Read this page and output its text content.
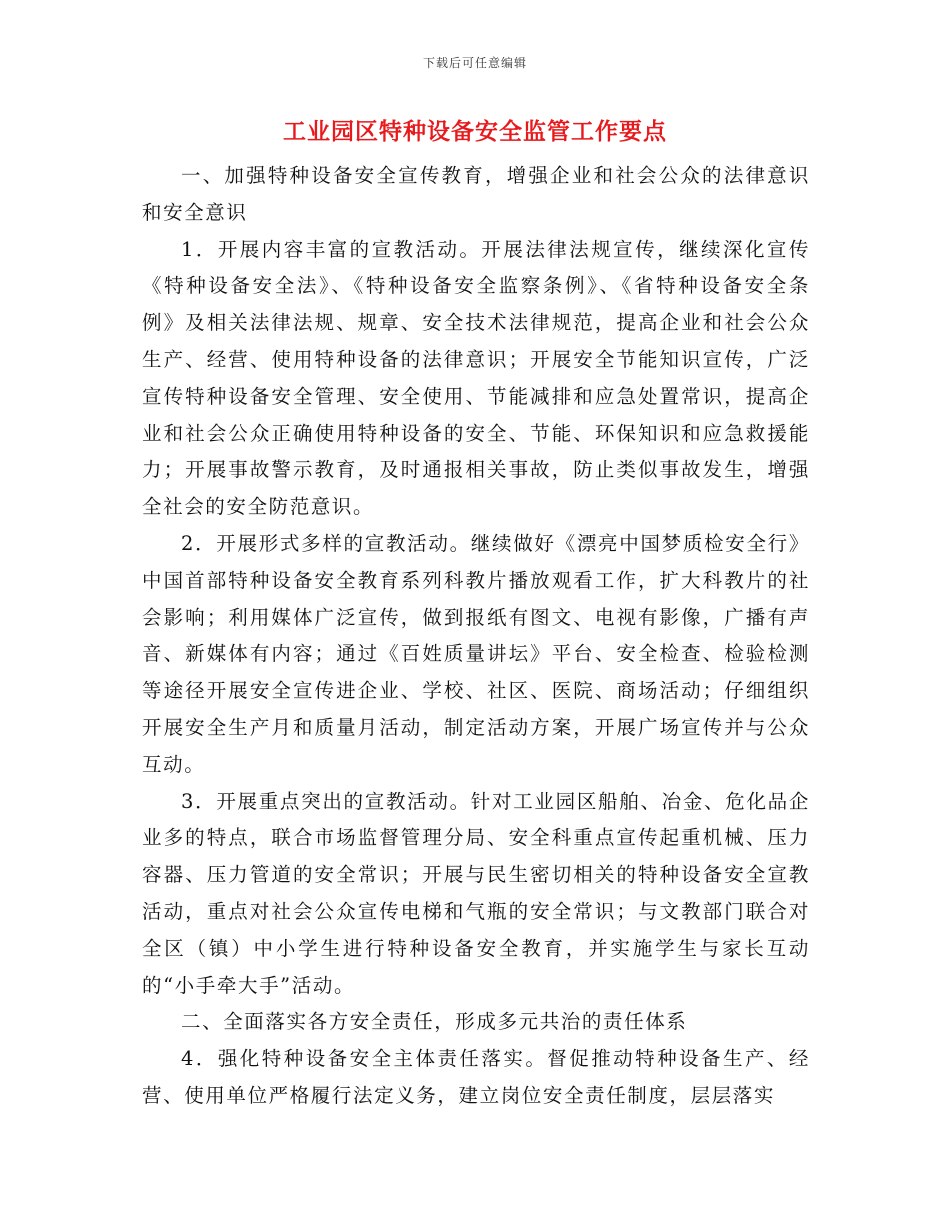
下载后可任意编辑
工业园区特种设备安全监管工作要点

一、加强特种设备安全宣传教育，增强企业和社会公众的法律意识和安全意识

1．开展内容丰富的宣教活动。开展法律法规宣传，继续深化宣传《特种设备安全法》、《特种设备安全监察条例》、《省特种设备安全条例》及相关法律法规、规章、安全技术法律规范，提高企业和社会公众生产、经营、使用特种设备的法律意识；开展安全节能知识宣传，广泛宣传特种设备安全管理、安全使用、节能减排和应急处置常识，提高企业和社会公众正确使用特种设备的安全、节能、环保知识和应急救援能力；开展事故警示教育，及时通报相关事故，防止类似事故发生，增强全社会的安全防范意识。

2．开展形式多样的宣教活动。继续做好《漂亮中国梦质检安全行》中国首部特种设备安全教育系列科教片播放观看工作，扩大科教片的社会影响；利用媒体广泛宣传，做到报纸有图文、电视有影像，广播有声音、新媒体有内容；通过《百姓质量讲坛》平台、安全检查、检验检测等途径开展安全宣传进企业、学校、社区、医院、商场活动；仔细组织开展安全生产月和质量月活动，制定活动方案，开展广场宣传并与公众互动。

3．开展重点突出的宣教活动。针对工业园区船舶、冶金、危化品企业多的特点，联合市场监督管理分局、安全科重点宣传起重机械、压力容器、压力管道的安全常识；开展与民生密切相关的特种设备安全宣教活动，重点对社会公众宣传电梯和气瓶的安全常识；与文教部门联合对全区（镇）中小学生进行特种设备安全教育，并实施学生与家长互动的“小手牵大手”活动。

二、全面落实各方安全责任，形成多元共治的责任体系

4．强化特种设备安全主体责任落实。督促推动特种设备生产、经营、使用单位严格履行法定义务，建立岗位安全责任制度，层层落实
